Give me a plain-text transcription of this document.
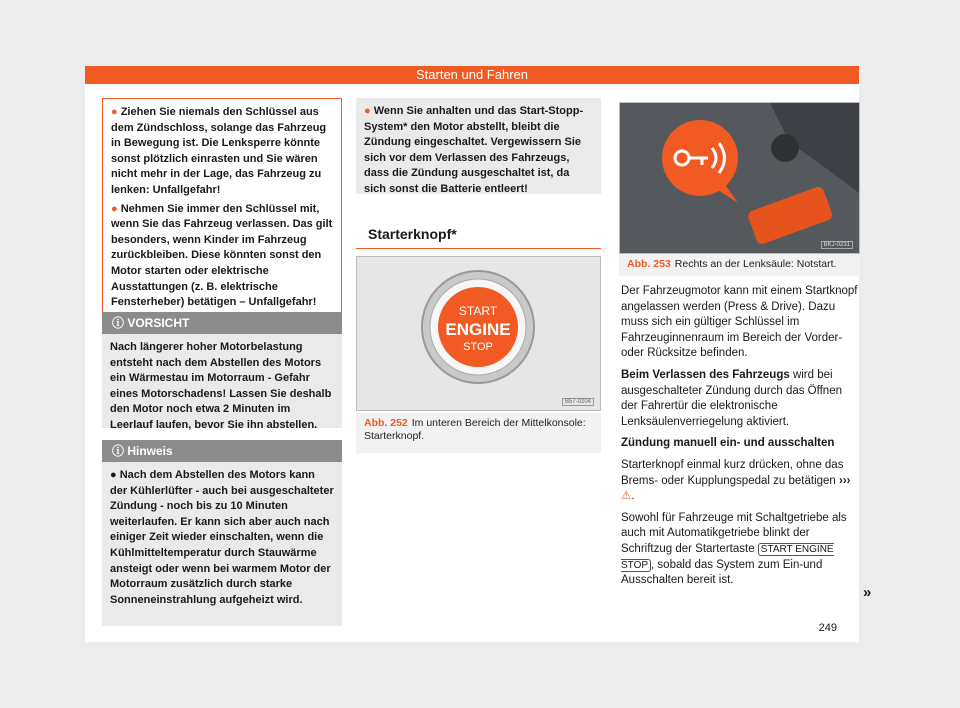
Starten und Fahren

● Ziehen Sie niemals den Schlüssel aus dem Zündschloss, solange das Fahrzeug in Bewegung ist. Die Lenksperre könnte sonst plötzlich einrasten und Sie wären nicht mehr in der Lage, das Fahrzeug zu lenken: Unfallgefahr!

● Nehmen Sie immer den Schlüssel mit, wenn Sie das Fahrzeug verlassen. Das gilt besonders, wenn Kinder im Fahrzeug zurückbleiben. Diese könnten sonst den Motor starten oder elektrische Ausstattungen (z. B. elektrische Fensterheber) betätigen – Unfallgefahr!

ⓘ VORSICHT
Nach längerer hoher Motorbelastung entsteht nach dem Abstellen des Motors ein Wärmestau im Motorraum - Gefahr eines Motorschadens! Lassen Sie deshalb den Motor noch etwa 2 Minuten im Leerlauf laufen, bevor Sie ihn abstellen.
ⓘ Hinweis
● Nach dem Abstellen des Motors kann der Kühlerlüfter - auch bei ausgeschalteter Zündung - noch bis zu 10 Minuten weiterlaufen. Er kann sich aber auch nach einiger Zeit wieder einschalten, wenn die Kühlmitteltemperatur durch Stauwärme ansteigt oder wenn bei warmem Motor der Motorraum zusätzlich durch starke Sonneneinstrahlung aufgeheizt wird.

● Wenn Sie anhalten und das Start-Stopp-System* den Motor abstellt, bleibt die Zündung eingeschaltet. Vergewissern Sie sich vor dem Verlassen des Fahrzeugs, dass die Zündung ausgeschaltet ist, da sich sonst die Batterie entleert!

Starterknopf*
START
ENGINE
STOP
B57-0204
Abb. 252 Im unteren Bereich der Mittelkonsole: Starterknopf.
BKJ-0231
Abb. 253 Rechts an der Lenksäule: Notstart.

Der Fahrzeugmotor kann mit einem Startknopf angelassen werden (Press & Drive). Dazu muss sich ein gültiger Schlüssel im Fahrzeuginnenraum im Bereich der Vorder- oder Rücksitze befinden.

Beim Verlassen des Fahrzeugs wird bei ausgeschalteter Zündung durch das Öffnen der Fahrertür die elektronische Lenksäulenverriegelung aktiviert.

Zündung manuell ein- und ausschalten

Starterknopf einmal kurz drücken, ohne das Brems- oder Kupplungspedal zu betätigen ››› ⚠.

Sowohl für Fahrzeuge mit Schaltgetriebe als auch mit Automatikgetriebe blinkt der Schriftzug der Startertaste START ENGINE STOP , sobald das System zum Ein-und Ausschalten bereit ist.

»
249
